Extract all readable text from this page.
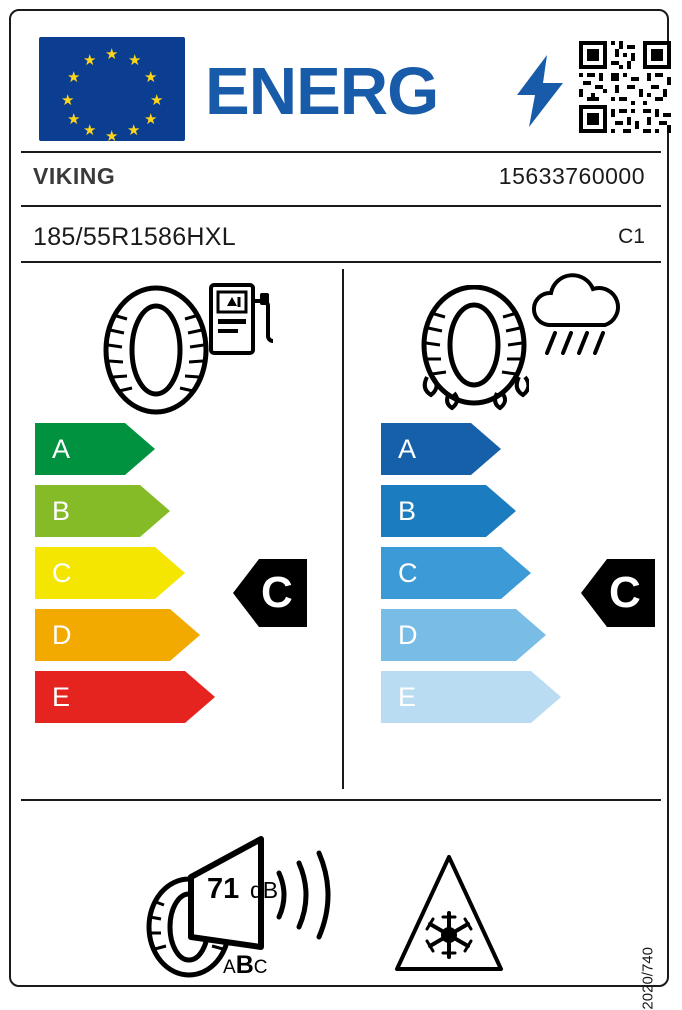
★ ★
★
★
★
★
★
★
★
★
★
★ ENERG
VIKING	15633760000
185/55R1586HXL	C1
A
B
C
D
E
C
A
B
C
D
E
C
71 dB
ABC	2020/740
